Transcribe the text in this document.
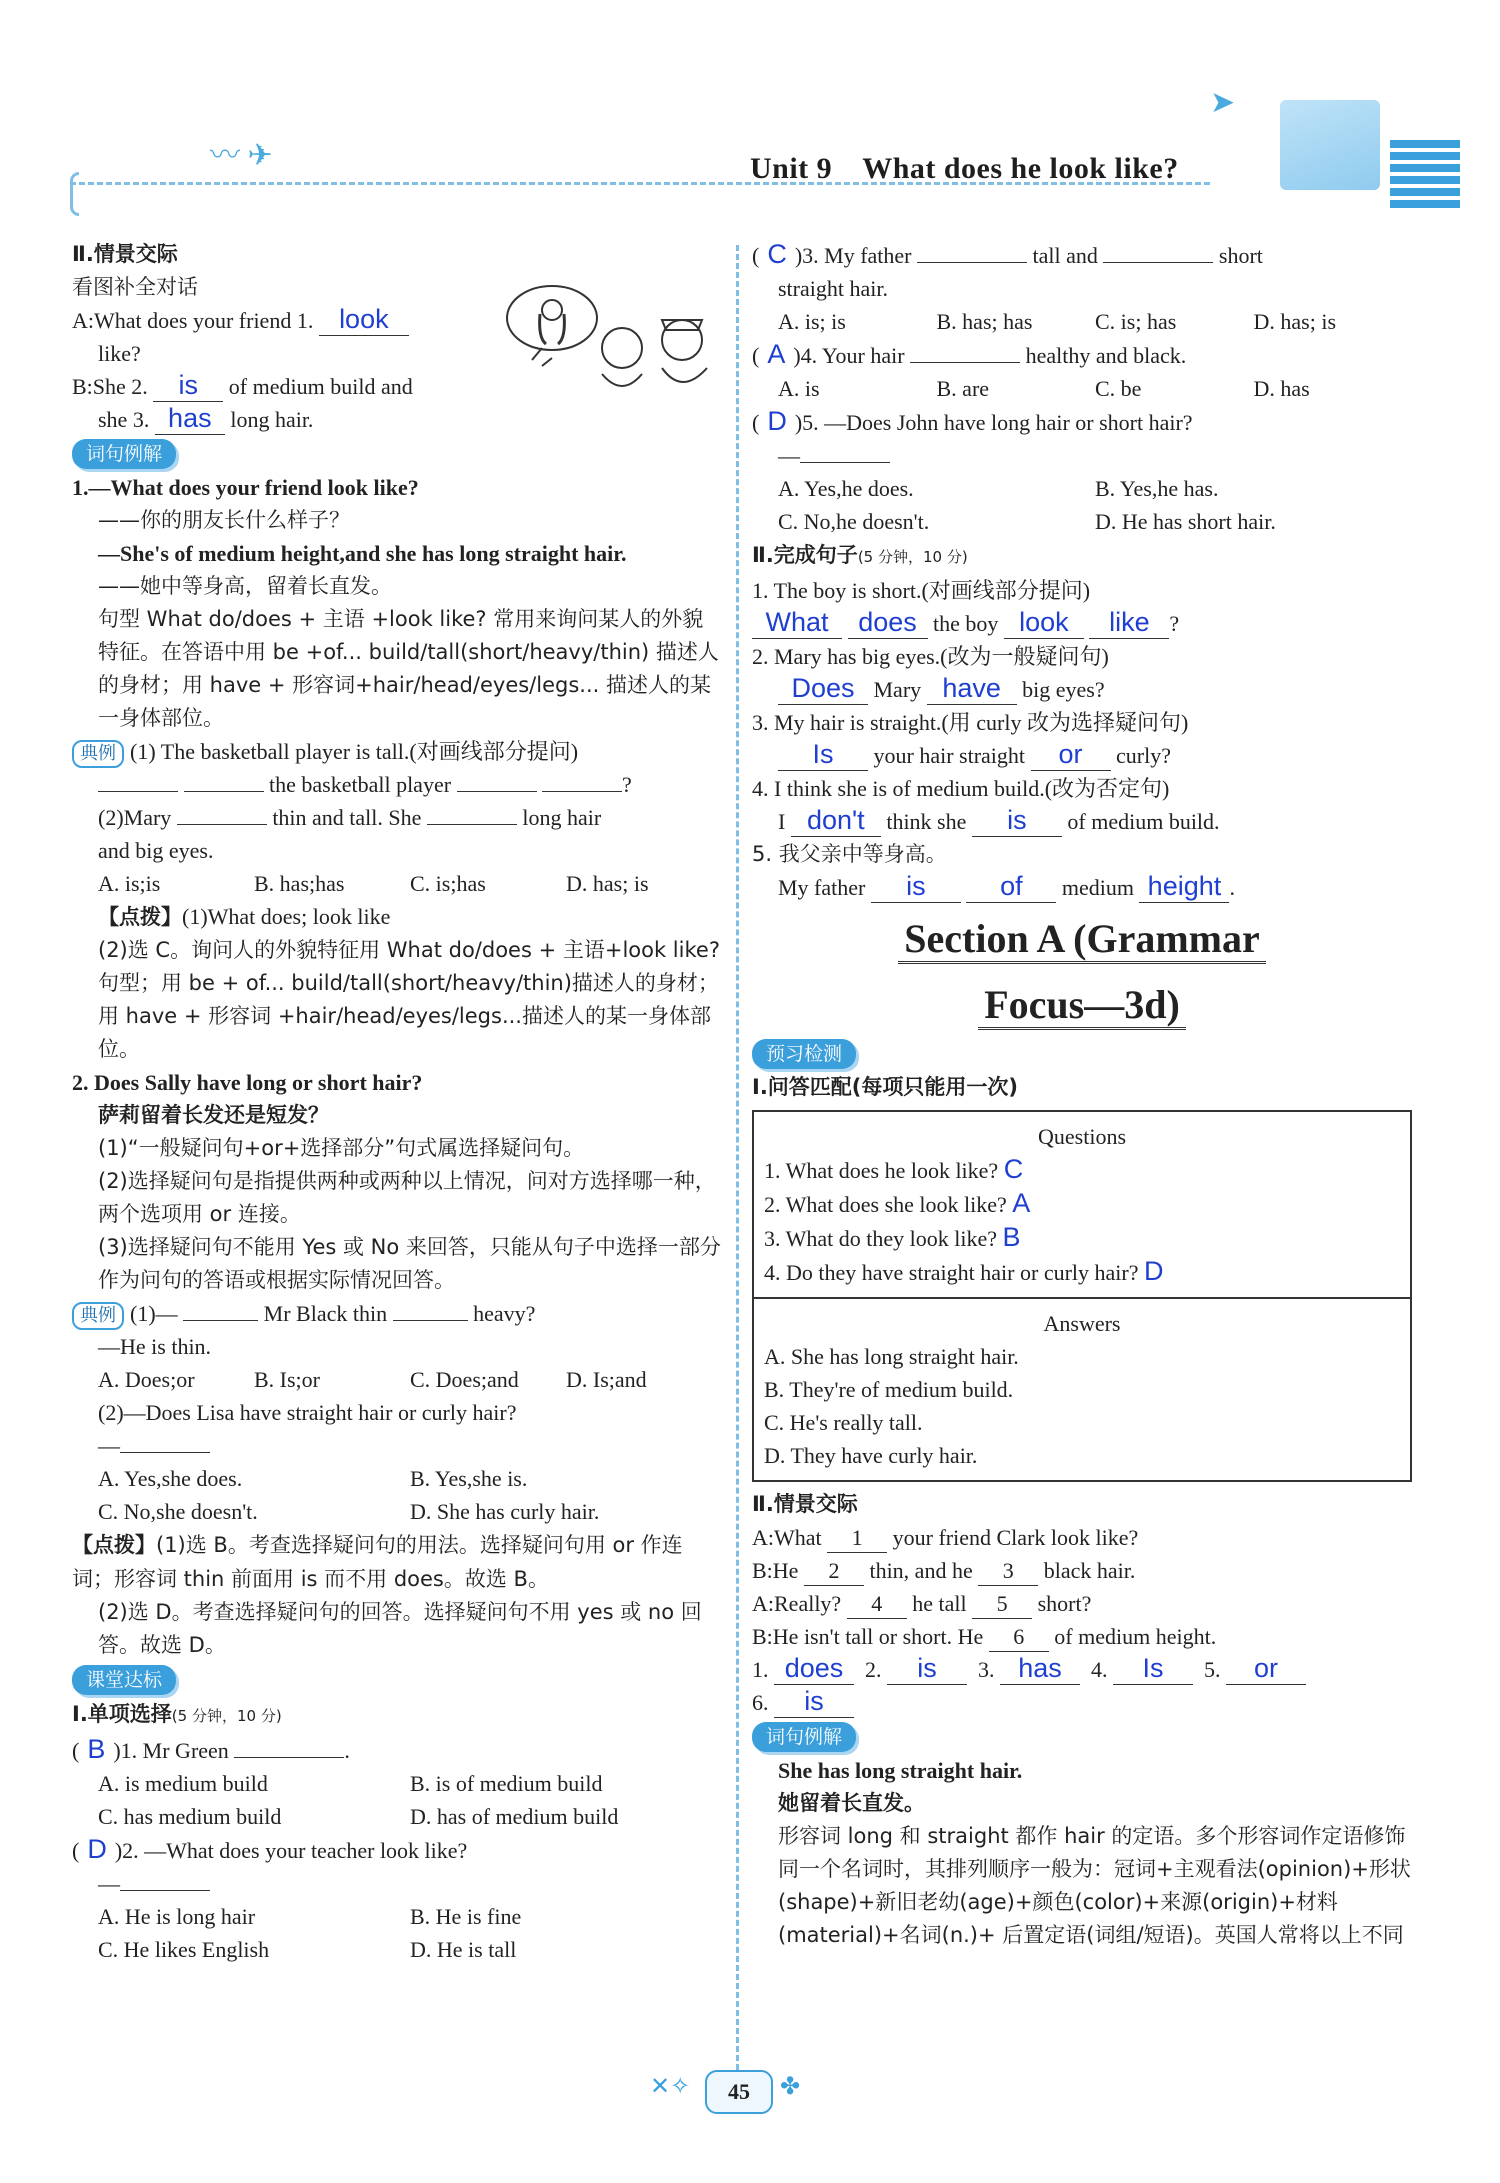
〰 ✈
➤
Unit 9 What does he look like?
Ⅱ.情景交际
看图补全对话
A:What does your friend 1. look
like?
B:She 2. is of medium build and
she 3. has long hair.
词句例解
1.—What does your friend look like?
——你的朋友长什么样子？
—She's of medium height,and she has long straight hair.
——她中等身高，留着长直发。
句型 What do/does + 主语 +look like? 常用来询问某人的外貌特征。在答语中用 be +of... build/tall(short/heavy/thin) 描述人的身材；用 have + 形容词+hair/head/eyes/legs... 描述人的某一身体部位。
典例 (1) The basketball player is tall.(对画线部分提问)
the basketball player	?
(2)Mary	thin and tall. She	long hair
and big eyes.
A. is;is	B. has;has	C. is;has	D. has; is
【点拨】(1)What does; look like
(2)选 C。询问人的外貌特征用 What do/does + 主语+look like? 句型；用 be + of... build/tall(short/heavy/thin)描述人的身材；用 have + 形容词 +hair/head/eyes/legs...描述人的某一身体部位。
2. Does Sally have long or short hair?
萨莉留着长发还是短发？
(1)“一般疑问句+or+选择部分”句式属选择疑问句。
(2)选择疑问句是指提供两种或两种以上情况，问对方选择哪一种，两个选项用 or 连接。
(3)选择疑问句不能用 Yes 或 No 来回答，只能从句子中选择一部分作为问句的答语或根据实际情况回答。
典例 (1)—	Mr Black thin	heavy?
—He is thin.
A. Does;or	B. Is;or	C. Does;and	D. Is;and
(2)—Does Lisa have straight hair or curly hair?
—
A. Yes,she does.	B. Yes,she is.
C. No,she doesn't.	D. She has curly hair.
【点拨】(1)选 B。考查选择疑问句的用法。选择疑问句用 or 作连词；形容词 thin 前面用 is 而不用 does。故选 B。
(2)选 D。考查选择疑问句的回答。选择疑问句不用 yes 或 no 回答。故选 D。
课堂达标
Ⅰ.单项选择(5 分钟，10 分)
( B )1. Mr Green	.
A. is medium build	B. is of medium build
C. has medium build	D. has of medium build
( D )2. —What does your teacher look like?
—
A. He is long hair	B. He is fine
C. He likes English	D. He is tall
( C )3. My father	tall and	short
straight hair.
A. is; is	B. has; has	C. is; has	D. has; is
( A )4. Your hair	healthy and black.
A. is	B. are	C. be	D. has
( D )5. —Does John have long hair or short hair?
—
A. Yes,he does.	B. Yes,he has.
C. No,he doesn't.	D. He has short hair.
Ⅱ.完成句子(5 分钟，10 分)
1. The boy is short.(对画线部分提问)
What does the boy look like ?
2. Mary has big eyes.(改为一般疑问句)
Does Mary have big eyes?
3. My hair is straight.(用 curly 改为选择疑问句)
Is your hair straight or curly?
4. I think she is of medium build.(改为否定句)
I don't think she is of medium build.
5. 我父亲中等身高。
My father is	of medium height .
Section A (Grammar
Focus—3d)
预习检测
Ⅰ.问答匹配(每项只能用一次)
Questions
1. What does he look like? C
2. What does she look like? A
3. What do they look like? B
4. Do they have straight hair or curly hair? D
Answers
A. She has long straight hair.
B. They're of medium build.
C. He's really tall.
D. They have curly hair.
Ⅱ.情景交际
A:What 1 your friend Clark look like?
B:He 2 thin, and he 3 black hair.
A:Really? 4 he tall 5 short?
B:He isn't tall or short. He 6 of medium height.
1. does  2. is  3. has  4. Is  5. or
6. is
词句例解
She has long straight hair.
她留着长直发。
形容词 long 和 straight 都作 hair 的定语。多个形容词作定语修饰同一个名词时，其排列顺序一般为：冠词+主观看法(opinion)+形状(shape)+新旧老幼(age)+颜色(color)+来源(origin)+材料(material)+名词(n.)+ 后置定语(词组/短语)。英国人常将以上不同
✕✧	45	✤
